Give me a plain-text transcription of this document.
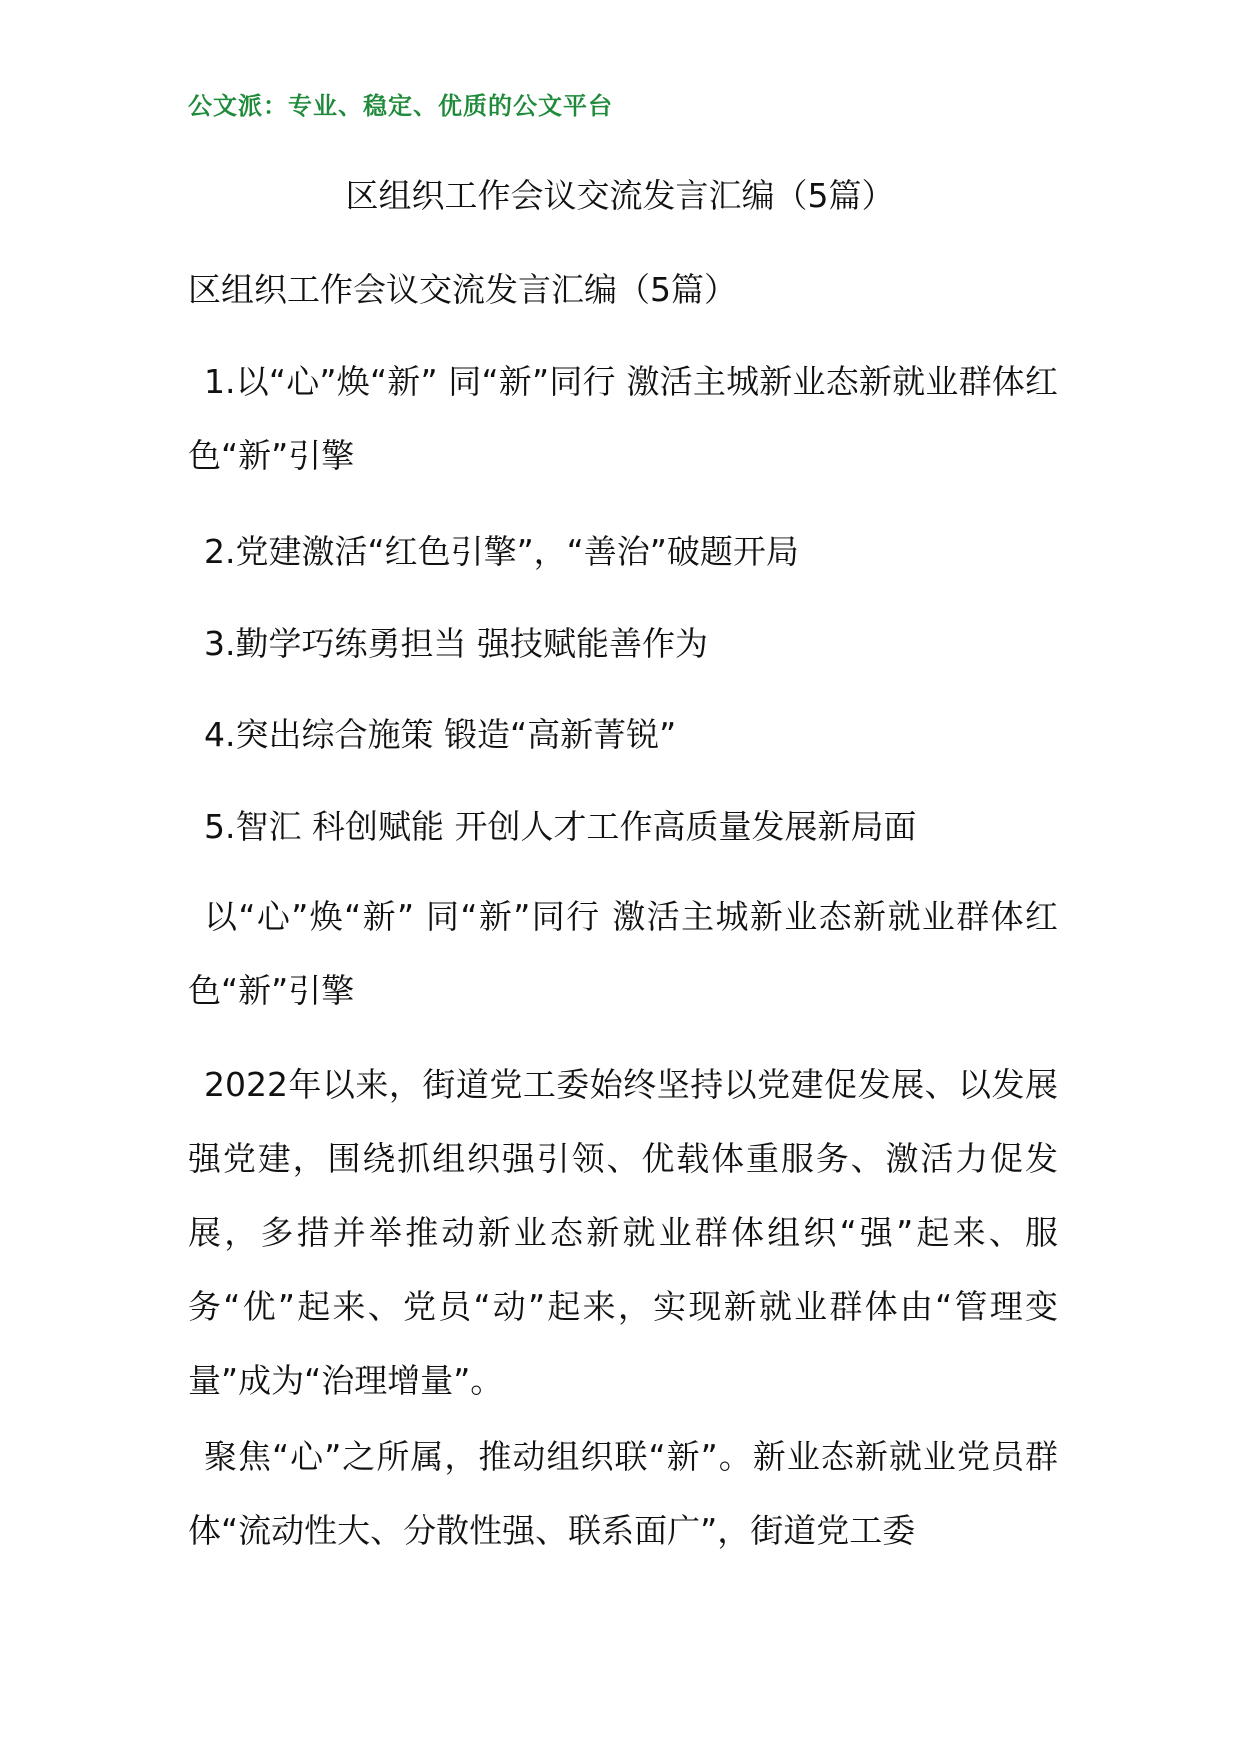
公文派：专业、稳定、优质的公文平台
区组织工作会议交流发言汇编（5篇）
区组织工作会议交流发言汇编（5篇）
1.以“心”焕“新” 同“新”同行 激活主城新业态新就业群体红色“新”引擎
2.党建激活“红色引擎”，“善治”破题开局
3.勤学巧练勇担当 强技赋能善作为
4.突出综合施策 锻造“高新菁锐”
5.智汇 科创赋能 开创人才工作高质量发展新局面
以“心”焕“新” 同“新”同行 激活主城新业态新就业群体红色“新”引擎
2022年以来，街道党工委始终坚持以党建促发展、以发展强党建，围绕抓组织强引领、优载体重服务、激活力促发展，多措并举推动新业态新就业群体组织“强”起来、服务“优”起来、党员“动”起来，实现新就业群体由“管理变量”成为“治理增量”。
聚焦“心”之所属，推动组织联“新”。新业态新就业党员群体“流动性大、分散性强、联系面广”，街道党工委
